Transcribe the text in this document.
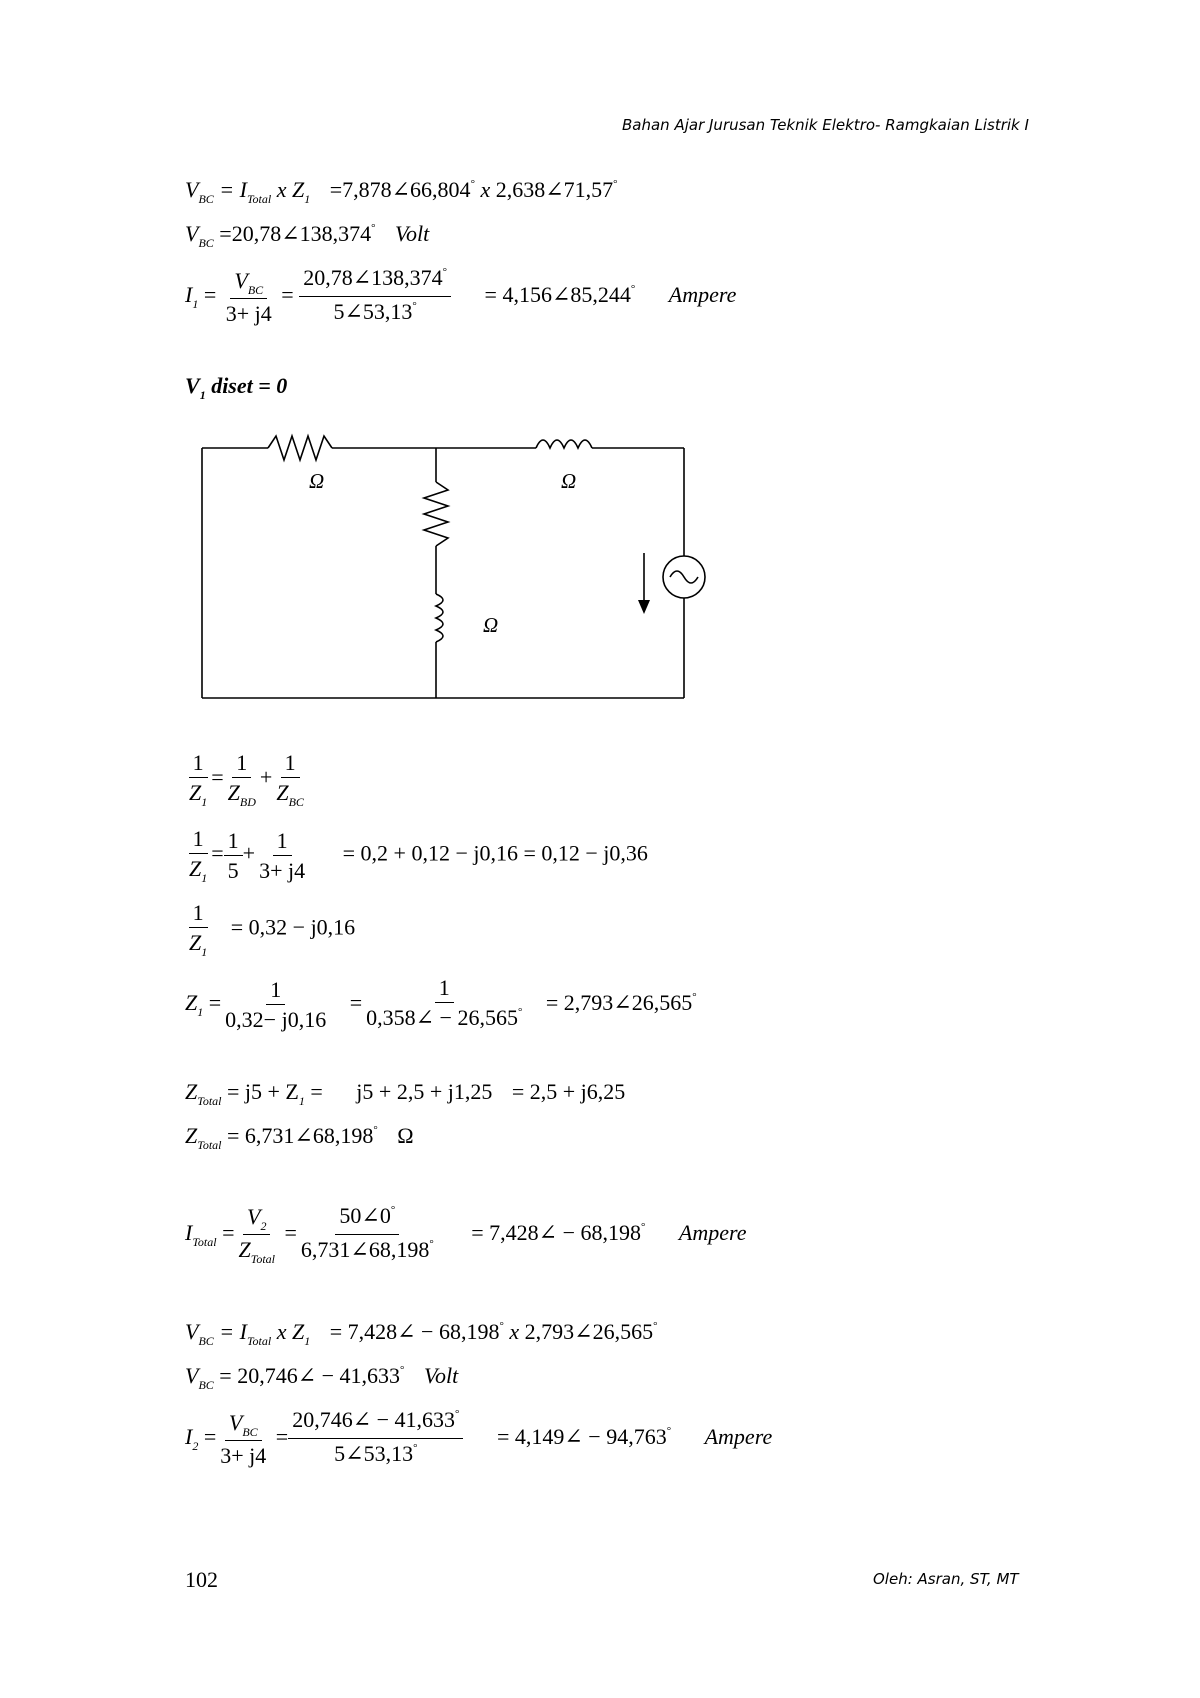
Bahan Ajar Jurusan Teknik Elektro- Ramgkaian Listrik I
$V_{BC} = I_{Total}$ x $Z_1$ =7,878∠66,804° x 2,638∠71,57°
$V_{BC}$ =20,78∠138,374° Volt
$I_1 = \frac{V_{BC}}{3+ j4} = \frac{20,78\angle 138,374^\circ}{5\angle 53,13^\circ}$ = 4,156∠85,244° Ampere
$V_1$ diset = 0
Ω	Ω
Ω
$\frac{1}{Z_1} = \frac{1}{Z_{BD}} + \frac{1}{Z_{BC}}$
$\frac{1}{Z_1} = \frac{1}{5} + \frac{1}{3+ j4} = 0,2 + 0,12 - j0,16 = 0,12 - j0,36$
$\frac{1}{Z_1} = 0,32 - j0,16$
$Z_1 = \frac{1}{0,32- j0,16} = \frac{1}{0,358\angle - 26,565^\circ}$ = 2,793∠26,565°
$Z_{Total} = j5 + Z_1 = j5 + 2,5 + j1,25 = 2,5 + j6,25$
$Z_{Total}$ = 6,731∠68,198° Ω
$I_{Total} = \frac{V_2}{Z_{Total}} = \frac{50\angle 0^\circ}{6,731\angle 68,198^\circ}$ = 7,428∠ − 68,198° Ampere
$V_{BC} = I_{Total}$ x $Z_1$ = 7,428∠ − 68,198° x 2,793∠26,565°
$V_{BC}$ = 20,746∠ − 41,633° Volt
$I_2 = \frac{V_{BC}}{3+ j4} = \frac{20,746\angle - 41,633^\circ}{5\angle 53,13^\circ}$ = 4,149∠ − 94,763° Ampere
102	Oleh: Asran, ST, MT
